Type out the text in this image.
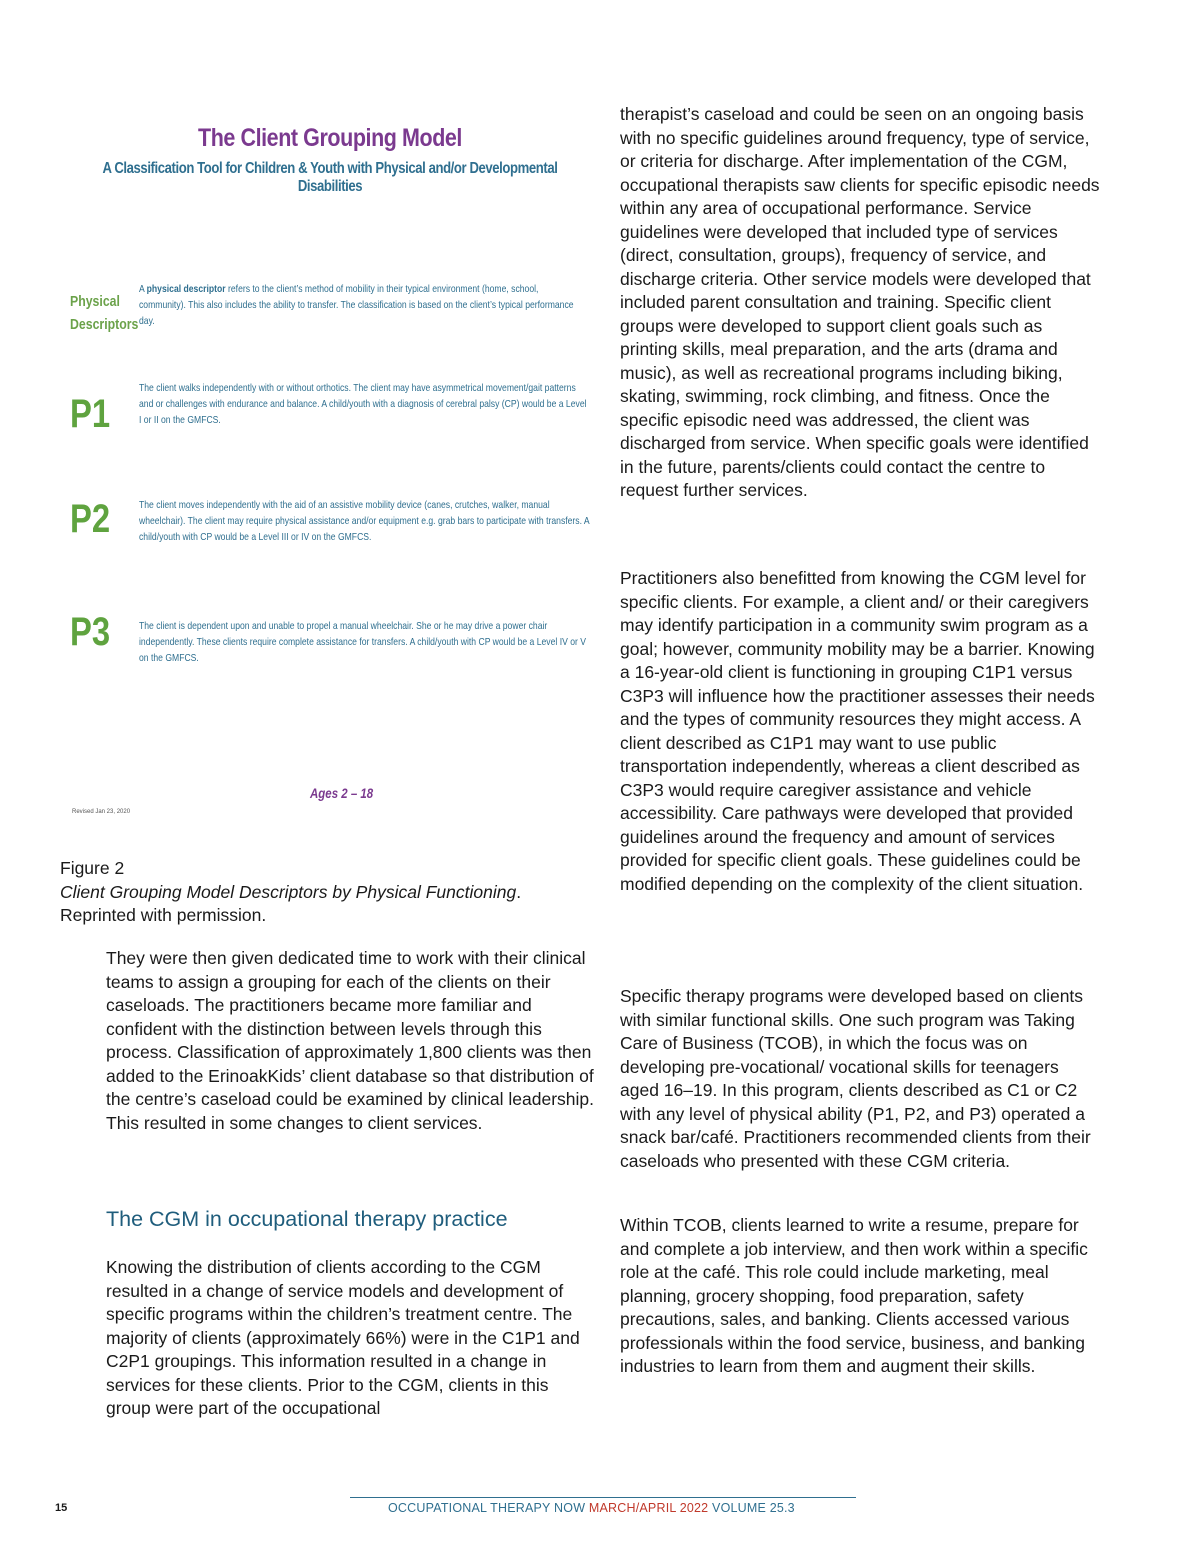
The Client Grouping Model
A Classification Tool for Children & Youth with Physical and/or Developmental Disabilities
Physical
Descriptors
A physical descriptor refers to the client’s method of mobility in their typical environment (home, school, community). This also includes the ability to transfer. The classification is based on the client’s typical performance day.
P1
The client walks independently with or without orthotics. The client may have asymmetrical movement/gait patterns and or challenges with endurance and balance. A child/youth with a diagnosis of cerebral palsy (CP) would be a Level I or II on the GMFCS.
P2	The client moves independently with the aid of an assistive mobility device (canes, crutches, walker, manual wheelchair). The client may require physical assistance and/or equipment e.g. grab bars to participate with transfers. A child/youth with CP would be a Level III or IV on the GMFCS.
P3	The client is dependent upon and unable to propel a manual wheelchair. She or he may drive a power chair independently. These clients require complete assistance for transfers. A child/youth with CP would be a Level IV or V on the GMFCS.
Ages 2 – 18
Revised Jan 23, 2020
Figure 2
Client Grouping Model Descriptors by Physical Functioning. Reprinted with permission.

They were then given dedicated time to work with their clinical teams to assign a grouping for each of the clients on their caseloads. The practitioners became more familiar and confident with the distinction between levels through this process. Classification of approximately 1,800 clients was then added to the ErinoakKids’ client database so that distribution of the centre’s caseload could be examined by clinical leadership. This resulted in some changes to client services.

The CGM in occupational therapy practice

Knowing the distribution of clients according to the CGM resulted in a change of service models and development of specific programs within the children’s treatment centre. The majority of clients (approximately 66%) were in the C1P1 and C2P1 groupings. This information resulted in a change in services for these clients. Prior to the CGM, clients in this group were part of the occupational

therapist’s caseload and could be seen on an ongoing basis with no specific guidelines around frequency, type of service, or criteria for discharge. After implementation of the CGM, occupational therapists saw clients for specific episodic needs within any area of occupational performance. Service guidelines were developed that included type of services (direct, consultation, groups), frequency of service, and discharge criteria. Other service models were developed that included parent consultation and training. Specific client groups were developed to support client goals such as printing skills, meal preparation, and the arts (drama and music), as well as recreational programs including biking, skating, swimming, rock climbing, and fitness. Once the specific episodic need was addressed, the client was discharged from service. When specific goals were identified in the future, parents/clients could contact the centre to request further services.

Practitioners also benefitted from knowing the CGM level for specific clients. For example, a client and/ or their caregivers may identify participation in a community swim program as a goal; however, community mobility may be a barrier. Knowing a 16-year-old client is functioning in grouping C1P1 versus C3P3 will influence how the practitioner assesses their needs and the types of community resources they might access. A client described as C1P1 may want to use public transportation independently, whereas a client described as C3P3 would require caregiver assistance and vehicle accessibility. Care pathways were developed that provided guidelines around the frequency and amount of services provided for specific client goals. These guidelines could be modified depending on the complexity of the client situation.

Specific therapy programs were developed based on clients with similar functional skills. One such program was Taking Care of Business (TCOB), in which the focus was on developing pre-vocational/ vocational skills for teenagers aged 16–19. In this program, clients described as C1 or C2 with any level of physical ability (P1, P2, and P3) operated a snack bar/café. Practitioners recommended clients from their caseloads who presented with these CGM criteria.

Within TCOB, clients learned to write a resume, prepare for and complete a job interview, and then work within a specific role at the café. This role could include marketing, meal planning, grocery shopping, food preparation, safety precautions, sales, and banking. Clients accessed various professionals within the food service, business, and banking industries to learn from them and augment their skills.

OCCUPATIONAL THERAPY NOW MARCH/APRIL 2022 VOLUME 25.3
15
